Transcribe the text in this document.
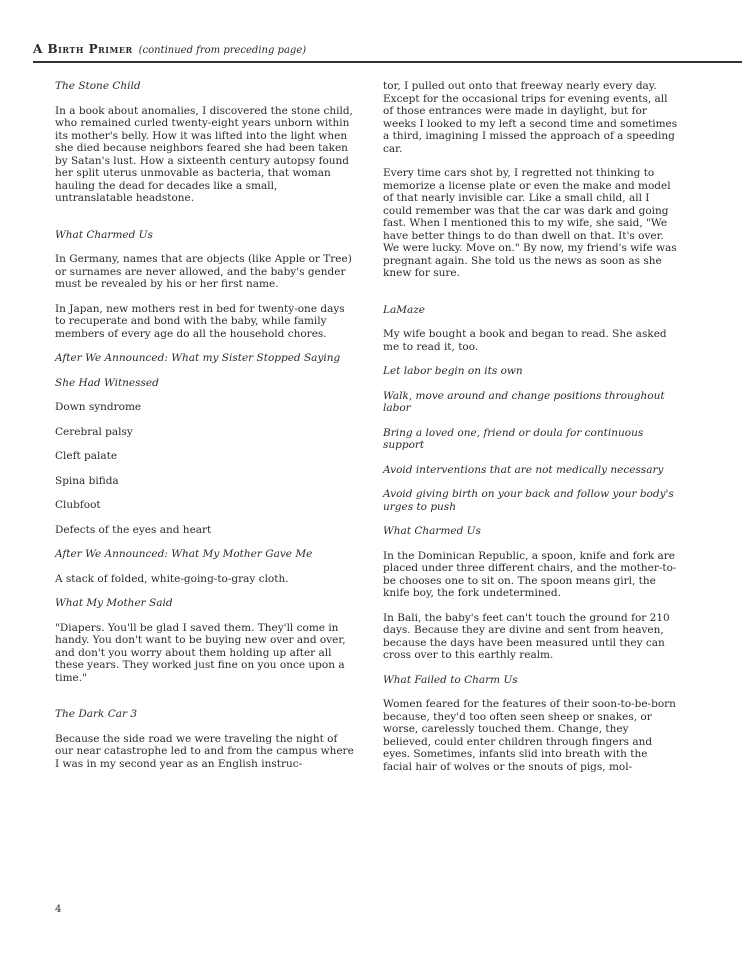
A Birth Primer (continued from preceding page)
The Stone Child
In a book about anomalies, I discovered the stone child, who remained curled twenty-eight years unborn within its mother's belly. How it was lifted into the light when she died because neighbors feared she had been taken by Satan's lust. How a sixteenth century autopsy found her split uterus unmovable as bacteria, that woman hauling the dead for decades like a small, untranslatable headstone.
What Charmed Us
In Germany, names that are objects (like Apple or Tree) or surnames are never allowed, and the baby's gender must be revealed by his or her first name.
In Japan, new mothers rest in bed for twenty-one days to recuperate and bond with the baby, while family members of every age do all the household chores.
After We Announced: What my Sister Stopped Saying
She Had Witnessed
Down syndrome
Cerebral palsy
Cleft palate
Spina bifida
Clubfoot
Defects of the eyes and heart
After We Announced: What My Mother Gave Me
A stack of folded, white-going-to-gray cloth.
What My Mother Said
"Diapers. You'll be glad I saved them. They'll come in handy. You don't want to be buying new over and over, and don't you worry about them holding up after all these years. They worked just fine on you once upon a time."
The Dark Car 3
Because the side road we were traveling the night of our near catastrophe led to and from the campus where I was in my second year as an English instruc-
tor, I pulled out onto that freeway nearly every day. Except for the occasional trips for evening events, all of those entrances were made in daylight, but for weeks I looked to my left a second time and sometimes a third, imagining I missed the approach of a speeding car.
Every time cars shot by, I regretted not thinking to memorize a license plate or even the make and model of that nearly invisible car. Like a small child, all I could remember was that the car was dark and going fast. When I mentioned this to my wife, she said, "We have better things to do than dwell on that. It's over. We were lucky. Move on." By now, my friend's wife was pregnant again. She told us the news as soon as she knew for sure.
LaMaze
My wife bought a book and began to read. She asked me to read it, too.
Let labor begin on its own
Walk, move around and change positions throughout labor
Bring a loved one, friend or doula for continuous support
Avoid interventions that are not medically necessary
Avoid giving birth on your back and follow your body's urges to push
What Charmed Us
In the Dominican Republic, a spoon, knife and fork are placed under three different chairs, and the mother-to-be chooses one to sit on. The spoon means girl, the knife boy, the fork undetermined.
In Bali, the baby's feet can't touch the ground for 210 days. Because they are divine and sent from heaven, because the days have been measured until they can cross over to this earthly realm.
What Failed to Charm Us
Women feared for the features of their soon-to-be-born because, they'd too often seen sheep or snakes, or worse, carelessly touched them. Change, they believed, could enter children through fingers and eyes. Sometimes, infants slid into breath with the facial hair of wolves or the snouts of pigs, mol-
4
